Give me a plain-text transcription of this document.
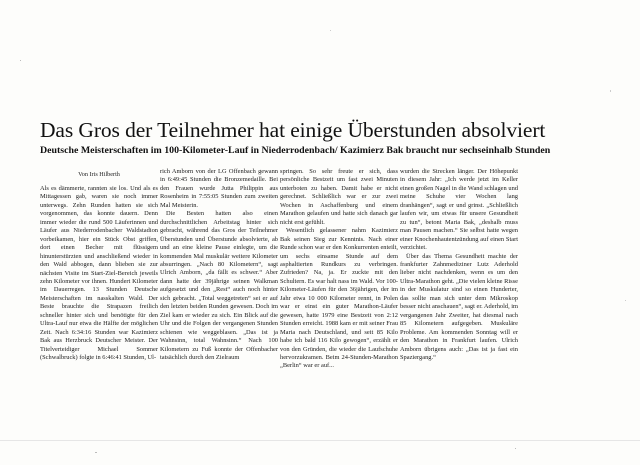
Das Gros der Teilnehmer hat einige Überstunden absolviert
Deutsche Meisterschaften im 100-Kilometer-Lauf in Niederrodenbach/ Kazimierz Bak braucht nur sechseinhalb Stunden
Von Iris Hilberth

Als es dämmerte, rannten sie los. Und als es Mittagessen gab, waren sie noch immer unterwegs. Zehn Runden hatten sie sich vorgenommen, das konnte dauern. Denn immer wieder die rund 500 Läuferinnen und Läufer aus Niederrodenbacher Waldstadion vorbeikamen, hier ein Stück Obst griffen, dort einen Becher mit flüssigem hinunterstürzten und anschließend wieder in den Wald abbogen, dann blieben sie zur nächsten Visite im Start-Ziel-Bereich jeweils zehn Kilometer vor ihnen. Hundert Kilometer im Dauerregen. 13 Stunden Deutsche Meisterschaften im nasskalten Wald. Der Beste brauchte die Strapazen freilich schneller hinter sich und benötigte für den Ultra-Lauf nur etwa die Hälfte der möglichen Zeit. Nach 6:34:16 Stunden war Kazimierz Bak aus Herzbruck Deutscher Meister. Der Titelverteidiger Michael Sommer (Schwalbruck) folgte in 6:46:41 Stunden, Ul-

rich Amborn von der LG Offenbach gewann in 6:49:45 Stunden die Bronzemedaille. Bei den Frauen wurde Jutta Philippin aus Rosenheim in 7:55:05 Stunden zum zweiten Mal Meisterin.

Die Besten hatten also einen durchschnittlichen Arbeitstag hinter sich gebracht, während das Gros der Teilnehmer Überstunden und Überstunde absolvierte, ab und an eine kleine Pause einlegte, um die kommenden Mal muskulär weitere Kilometer absurringen. „Nach 80 Kilometern“, sagt Ulrich Amborn, „da fällt es schwer.“ Aber dann hatte der 39jährige seinen Walkman aufgesetzt und den „Rest“ auch noch hinter sich gebracht. „Total weggetreten“ sei er auf den letzten beiden Runden gewesen. Doch im Ziel kam er wieder zu sich. Ein Blick auf die Uhr und die Folgen der vergangenen Stunden schienen wie weggeblasen. „Das ist ja Wahnsinn, total Wahnsinn.“ Nach 100 Kilometern zu Fuß konnte der Offenbacher tatsächlich durch den Zielraum

springen. So sehr freute er sich, dass persönliche Bestzeit um fast zwei Minuten unterboten zu haben. Damit habe er nicht gerechnet. Schließlich war er zur zwei Wochen in Aschaffenburg und einem Marathon gelaufen und hatte sich danach gar nicht erst gefühlt.

Wesentlich gelassener nahm Kazimierz Bak seinen Sieg zur Kenntnis. Nach einer Runde schon war er den Konkurrenten enteilt, um sechs einsame Stunde auf dem asphaltierten Rundkurs zu verbringen. Zufrieden? Na, ja. Er zuckte mit den Schultern. Es war halt nass im Wald. Vor 100-Kilometer-Läufen für den 36jährigen, der im Jahr etwa 10 000 Kilometer rennt, in Polen war er einst ein guter Marathon-Läufer gewesen, hatte 1979 eine Bestzeit von 2:12 Stunden erreicht. 1988 kam er mit seiner Frau Maria nach Deutschland, und seit 85 Kilo habe ich bald 116 Kilo gewogen“, erzählt er von den Gründen, die wieder die Laufschuhe hervorzukramen. Beim 24-Stunden-Marathon „Berlin“ war er auf...

wurden die Strecken länger. Der Höhepunkt in diesem Jahr: „Ich werde jetzt im Keller einen großen Nagel in die Wand schlagen und meine Schuhe vier Wochen lang dranhängen“, sagt er und grinst. „Schließlich laufen wir, um etwas für unsere Gesundheit zu tun“, betont Maria Bak, „deshalb muss man Pausen machen.“ Sie selbst hatte wegen einer Knochenhautentzündung auf einen Start verzichtet.

Über das Thema Gesundheit machte der frankfurter Zahnmediziner Lutz Aderhold lieber nicht nachdenken, wenn es um den Ultra-Marathon geht. „Die vielen kleine Risse in der Muskulatur sind so einen Hunderter, das sollte man sich unter dem Mikroskop besser nicht anschauen“, sagt er. Aderhold, im vergangenen Jahr Zweiter, hat diesmal nach 85 Kilometern aufgegeben. Muskuläre Probleme. Am kommenden Sonntag will er den Marathon in Frankfurt laufen. Ulrich Amborn übrigens auch: „Das ist ja fast ein Spaziergang.“
